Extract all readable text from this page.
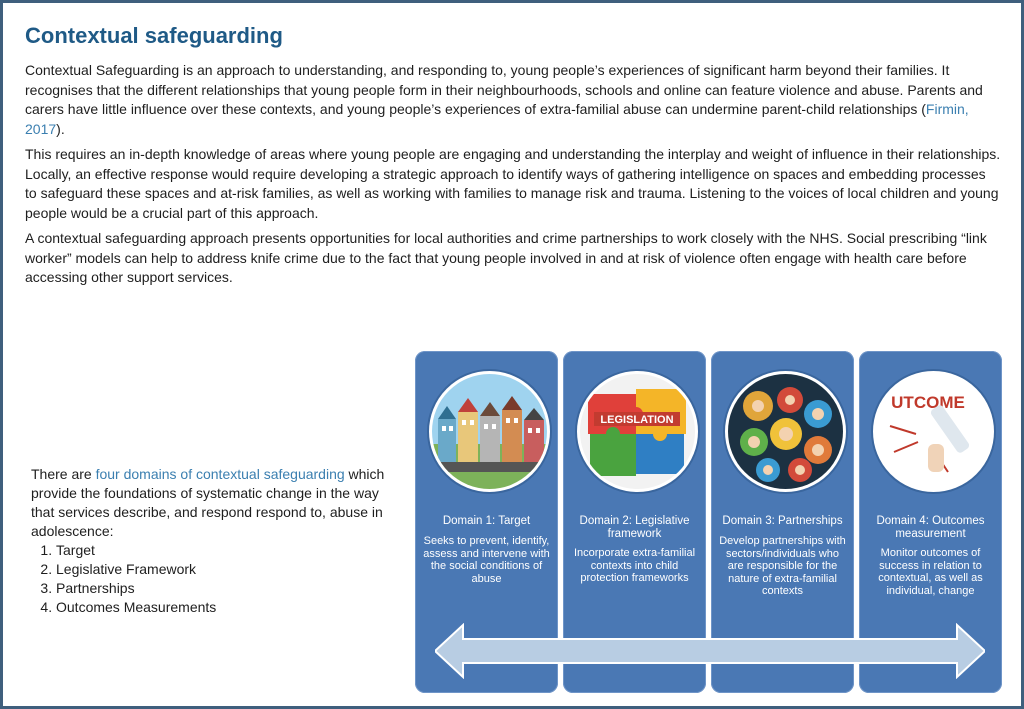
Contextual safeguarding

Contextual Safeguarding is an approach to understanding, and responding to, young people’s experiences of significant harm beyond their families. It recognises that the different relationships that young people form in their neighbourhoods, schools and online can feature violence and abuse. Parents and carers have little influence over these contexts, and young people’s experiences of extra-familial abuse can undermine parent-child relationships (Firmin, 2017).

This requires an in-depth knowledge of areas where young people are engaging and understanding the interplay and weight of influence in their relationships. Locally, an effective response would require developing a strategic approach to identify ways of gathering intelligence on spaces and embedding processes to safeguard these spaces and at-risk families, as well as working with families to manage risk and trauma. Listening to the voices of local children and young people would be a crucial part of this approach.

A contextual safeguarding approach presents opportunities for local authorities and crime partnerships to work closely with the NHS. Social prescribing “link worker” models can help to address knife crime due to the fact that young people involved in and at risk of violence often engage with health care before accessing other support services.

There are four domains of contextual safeguarding which provide the foundations of systematic change in the way that services describe, and respond respond to, abuse in adolescence:
1. Target
2. Legislative Framework
3. Partnerships
4. Outcomes Measurements
Domain 1: Target
Seeks to prevent, identify, assess and intervene with the social conditions of abuse
LEGISLATION
Domain 2: Legislative framework
Incorporate extra-familial contexts into child protection frameworks
Domain 3: Partnerships
Develop partnerships with sectors/individuals who are responsible for the nature of extra-familial contexts
UTCOME
Domain 4: Outcomes measurement
Monitor outcomes of success in relation to contextual, as well as individual, change
